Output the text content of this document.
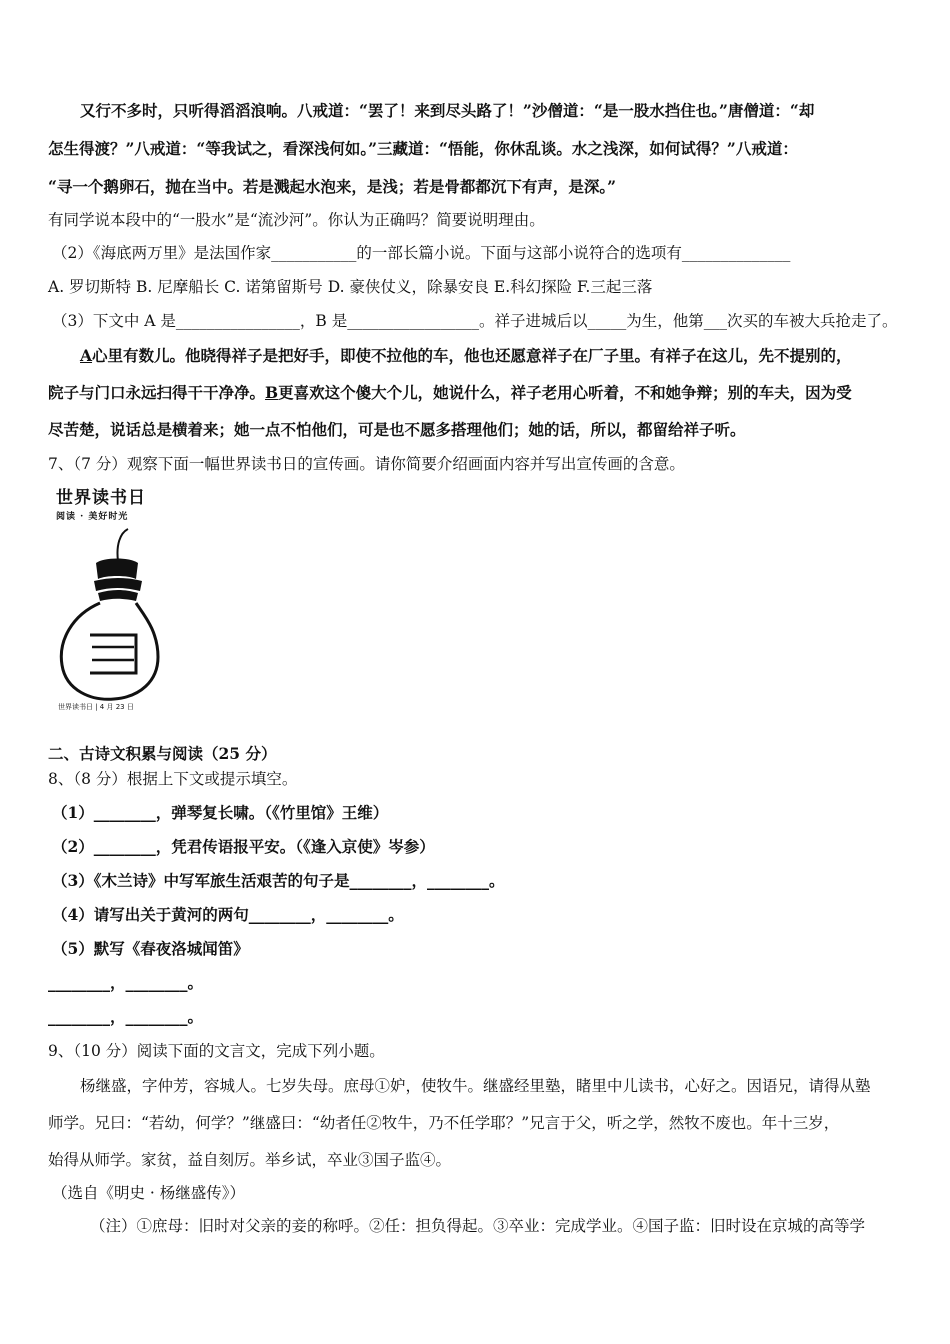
又行不多时，只听得滔滔浪响。八戒道：“罢了！来到尽头路了！”沙僧道：“是一股水挡住也。”唐僧道：“却
怎生得渡？”八戒道：“等我试之，看深浅何如。”三藏道：“悟能，你休乱谈。水之浅深，如何试得？”八戒道：
“寻一个鹅卵石，抛在当中。若是溅起水泡来，是浅；若是骨都都沉下有声，是深。”
有同学说本段中的“一股水”是“流沙河”。你认为正确吗？简要说明理由。
（2）《海底两万里》是法国作家___________的一部长篇小说。下面与这部小说符合的选项有______________
A. 罗切斯特 B. 尼摩船长 C. 诺第留斯号 D. 豪侠仗义，除暴安良 E.科幻探险 F.三起三落
（3）下文中 A 是________________，B 是_________________。祥子进城后以_____为生，他第___次买的车被大兵抢走了。
A心里有数儿。他晓得祥子是把好手，即使不拉他的车，他也还愿意祥子在厂子里。有祥子在这儿，先不提别的，
院子与门口永远扫得干干净净。B更喜欢这个傻大个儿，她说什么，祥子老用心听着，不和她争辩；别的车夫，因为受
尽苦楚，说话总是横着来；她一点不怕他们，可是也不愿多搭理他们；她的话，所以，都留给祥子听。
7、（7 分）观察下面一幅世界读书日的宣传画。请你简要介绍画面内容并写出宣传画的含意。
世界读书日
阅读 · 美好时光
世界读书日 | 4 月 23 日
二、古诗文积累与阅读（25 分）
8、（8 分）根据上下文或提示填空。
（1）________，弹琴复长啸。（《竹里馆》王维）
（2）________，凭君传语报平安。（《逢入京使》岑参）
（3）《木兰诗》中写军旅生活艰苦的句子是________，________。
（4）请写出关于黄河的两句________，________。
（5）默写《春夜洛城闻笛》
________，________。
________，________。
9、（10 分）阅读下面的文言文，完成下列小题。
杨继盛，字仲芳，容城人。七岁失母。庶母①妒，使牧牛。继盛经里塾，睹里中儿读书，心好之。因语兄，请得从塾
师学。兄曰：“若幼，何学？”继盛曰：“幼者任②牧牛，乃不任学耶？”兄言于父，听之学，然牧不废也。年十三岁，
始得从师学。家贫，益自刻厉。举乡试，卒业③国子监④。
（选自《明史 · 杨继盛传》）
（注）①庶母：旧时对父亲的妾的称呼。②任：担负得起。③卒业：完成学业。④国子监：旧时设在京城的高等学
